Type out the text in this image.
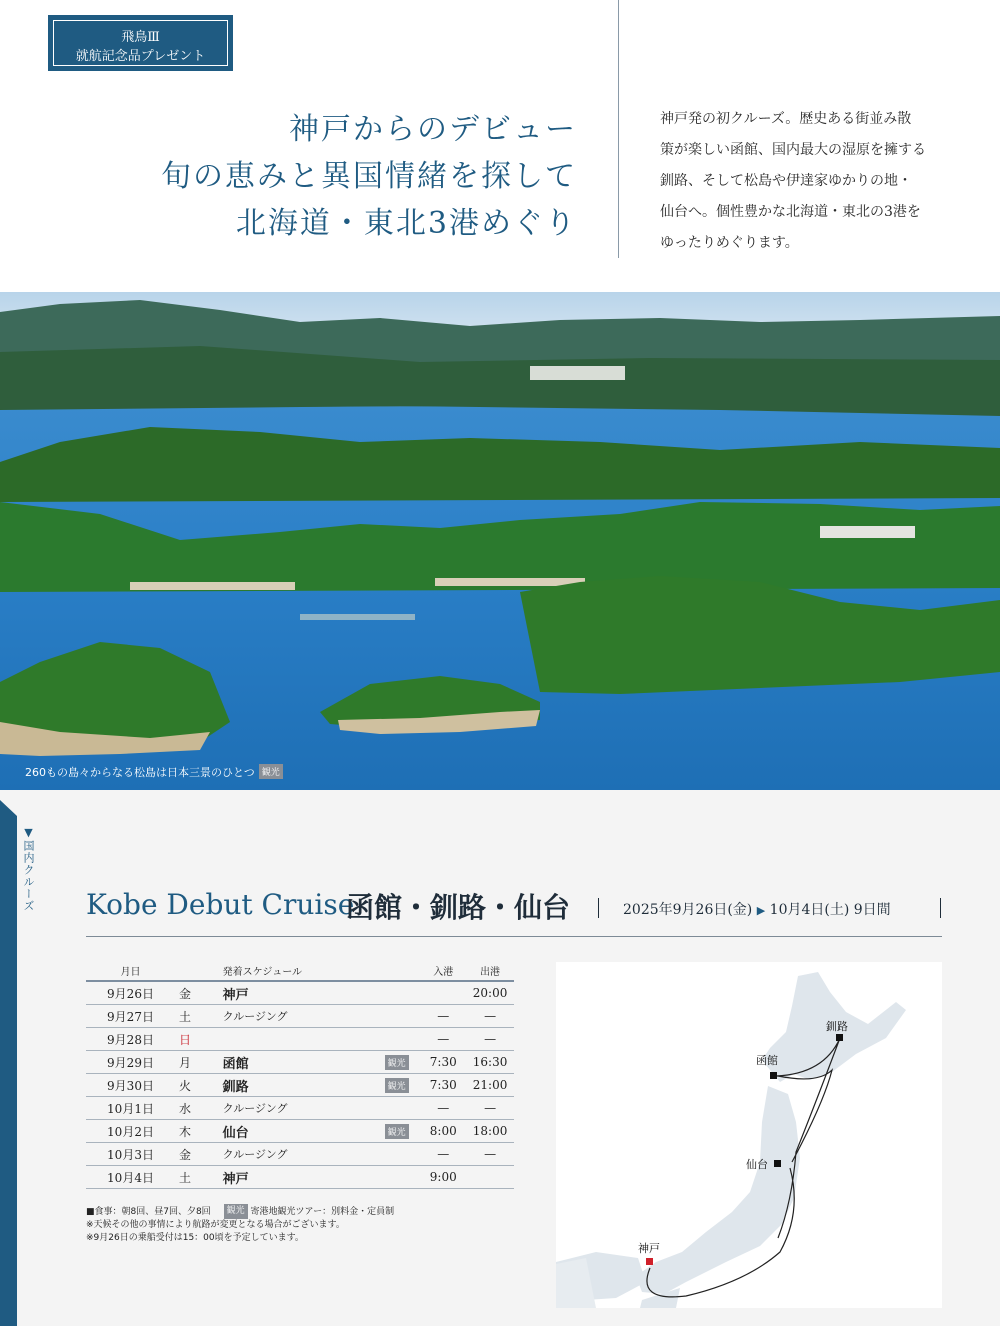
飛鳥Ⅲ
就航記念品プレゼント
神戸からのデビュー
旬の恵みと異国情緒を探して
北海道・東北3港めぐり
神戸発の初クルーズ。歴史ある街並み散
策が楽しい函館、国内最大の湿原を擁する
釧路、そして松島や伊達家ゆかりの地・
仙台へ。個性豊かな北海道・東北の3港を
ゆったりめぐります。
260もの島々からなる松島は日本三景のひとつ 観光
▼国内クルーズ Kobe Debut Cruise
函館・釧路・仙台	2025年9月26日(金) ▶ 10月4日(土) 9日間
月日		発着スケジュール		入港	出港
9月26日	金	神戸			20:00
9月27日	土	クルージング		—	—
9月28日	日			—	—
9月29日	月	函館	観光	7:30	16:30
9月30日	火	釧路	観光	7:30	21:00
10月1日	水	クルージング		—	—
10月2日	木	仙台	観光	8:00	18:00
10月3日	金	クルージング		—	—
10月4日	土	神戸		9:00	
■食事：朝8回、昼7回、夕8回 観光 寄港地観光ツアー：別料金・定員制
※天候その他の事情により航路が変更となる場合がございます。
※9月26日の乗船受付は15：00頃を予定しています。
釧路
函館
仙台
神戸
